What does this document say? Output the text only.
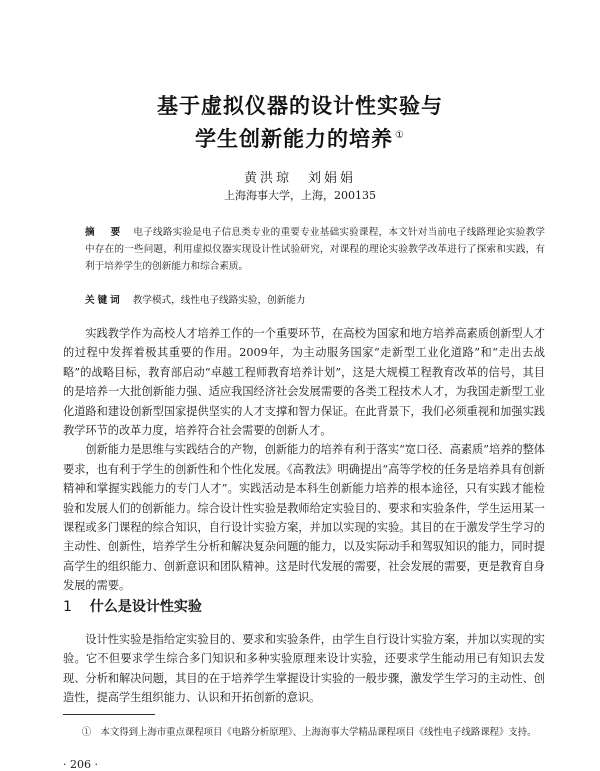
基于虚拟仪器的设计性实验与
学生创新能力的培养 ①
黄洪琼　刘娟娟
上海海事大学，上海，200135
摘　要 电子线路实验是电子信息类专业的重要专业基础实验课程，本文针对当前电子线路理论实验教学中存在的一些问题，利用虚拟仪器实现设计性试验研究，对课程的理论实验教学改革进行了探索和实践，有利于培养学生的创新能力和综合素质。
关键词 教学模式，线性电子线路实验，创新能力

实践教学作为高校人才培养工作的一个重要环节，在高校为国家和地方培养高素质创新型人才的过程中发挥着极其重要的作用。2009年，为主动服务国家“走新型工业化道路”和“走出去战略”的战略目标，教育部启动“卓越工程师教育培养计划”，这是大规模工程教育改革的信号，其目的是培养一大批创新能力强、适应我国经济社会发展需要的各类工程技术人才，为我国走新型工业化道路和建设创新型国家提供坚实的人才支撑和智力保证。在此背景下，我们必须重视和加强实践教学环节的改革力度，培养符合社会需要的创新人才。

创新能力是思维与实践结合的产物，创新能力的培养有利于落实“宽口径、高素质”培养的整体要求，也有利于学生的创新性和个性化发展。《高教法》明确提出“高等学校的任务是培养具有创新精神和掌握实践能力的专门人才”。实践活动是本科生创新能力培养的根本途径，只有实践才能检验和发展人们的创新能力。综合设计性实验是教师给定实验目的、要求和实验条件，学生运用某一课程或多门课程的综合知识，自行设计实验方案，并加以实现的实验。其目的在于激发学生学习的主动性、创新性，培养学生分析和解决复杂问题的能力，以及实际动手和驾驭知识的能力，同时提高学生的组织能力、创新意识和团队精神。这是时代发展的需要，社会发展的需要，更是教育自身发展的需要。

1 什么是设计性实验

设计性实验是指给定实验目的、要求和实验条件，由学生自行设计实验方案，并加以实现的实验。它不但要求学生综合多门知识和多种实验原理来设计实验，还要求学生能动用已有知识去发现、分析和解决问题，其目的在于培养学生掌握设计实验的一般步骤，激发学生学习的主动性、创造性，提高学生组织能力、认识和开拓创新的意识。

①　本文得到上海市重点课程项目《电路分析原理》、上海海事大学精品课程项目《线性电子线路课程》支持。
· 206 ·
